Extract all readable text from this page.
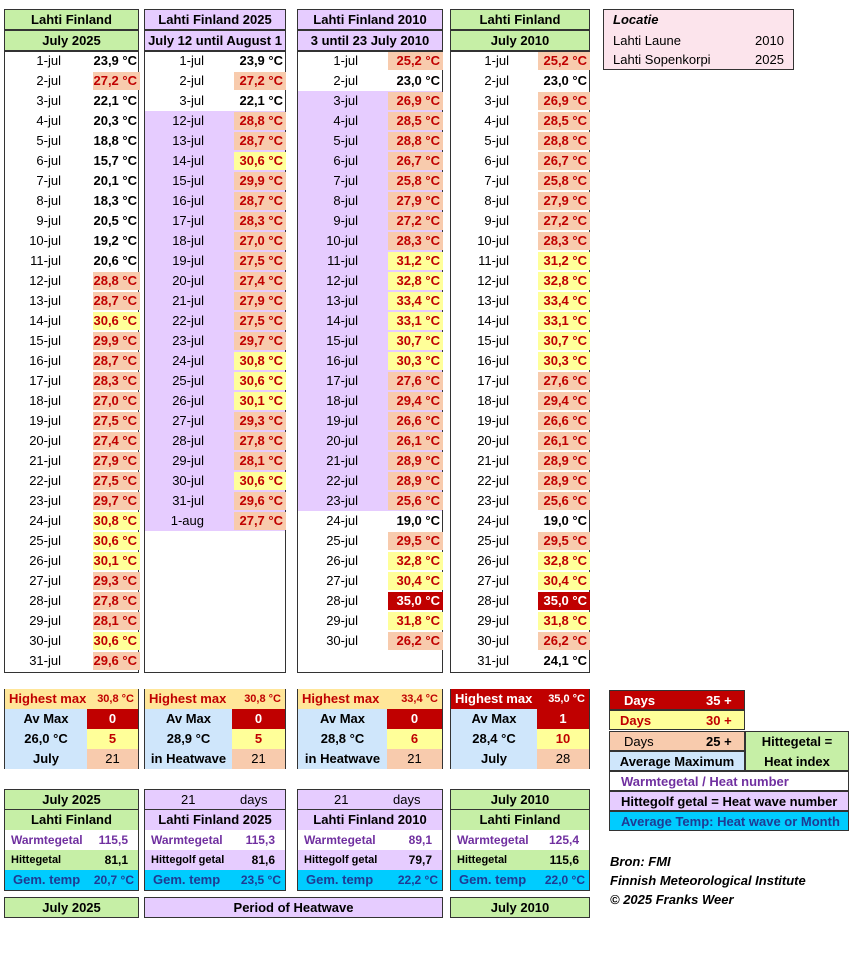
Lahti Finland
July 2025
Lahti Finland 2025
July 12 until August 1
Lahti Finland 2010
3 until 23 July 2010
Lahti Finland
July 2010
1-jul 23,9 °C
2-jul 27,2 °C
3-jul 22,1 °C
4-jul 20,3 °C
5-jul 18,8 °C
6-jul 15,7 °C
7-jul 20,1 °C
8-jul 18,3 °C
9-jul 20,5 °C
10-jul 19,2 °C
11-jul 20,6 °C
12-jul 28,8 °C
13-jul 28,7 °C
14-jul 30,6 °C
15-jul 29,9 °C
16-jul 28,7 °C
17-jul 28,3 °C
18-jul 27,0 °C
19-jul 27,5 °C
20-jul 27,4 °C
21-jul 27,9 °C
22-jul 27,5 °C
23-jul 29,7 °C
24-jul 30,8 °C
25-jul 30,6 °C
26-jul 30,1 °C
27-jul 29,3 °C
28-jul 27,8 °C
29-jul 28,1 °C
30-jul 30,6 °C
31-jul 29,6 °C
1-jul	23,9 °C
2-jul	27,2 °C
3-jul	22,1 °C
12-jul	28,8 °C
13-jul	28,7 °C
14-jul	30,6 °C
15-jul	29,9 °C
16-jul	28,7 °C
17-jul	28,3 °C
18-jul	27,0 °C
19-jul	27,5 °C
20-jul	27,4 °C
21-jul	27,9 °C
22-jul	27,5 °C
23-jul	29,7 °C
24-jul	30,8 °C
25-jul	30,6 °C
26-jul	30,1 °C
27-jul	29,3 °C
28-jul	27,8 °C
29-jul	28,1 °C
30-jul	30,6 °C
31-jul	29,6 °C
1-aug	27,7 °C
1-jul	25,2 °C
2-jul	23,0 °C
3-jul	26,9 °C
4-jul	28,5 °C
5-jul	28,8 °C
6-jul	26,7 °C
7-jul	25,8 °C
8-jul	27,9 °C
9-jul	27,2 °C
10-jul	28,3 °C
11-jul	31,2 °C
12-jul	32,8 °C
13-jul	33,4 °C
14-jul	33,1 °C
15-jul	30,7 °C
16-jul	30,3 °C
17-jul	27,6 °C
18-jul	29,4 °C
19-jul	26,6 °C
20-jul	26,1 °C
21-jul	28,9 °C
22-jul	28,9 °C
23-jul	25,6 °C
24-jul	19,0 °C
25-jul	29,5 °C
26-jul	32,8 °C
27-jul	30,4 °C
28-jul	35,0 °C
29-jul	31,8 °C
30-jul	26,2 °C
1-jul	25,2 °C
2-jul	23,0 °C
3-jul	26,9 °C
4-jul	28,5 °C
5-jul	28,8 °C
6-jul	26,7 °C
7-jul	25,8 °C
8-jul	27,9 °C
9-jul	27,2 °C
10-jul	28,3 °C
11-jul	31,2 °C
12-jul	32,8 °C
13-jul	33,4 °C
14-jul	33,1 °C
15-jul	30,7 °C
16-jul	30,3 °C
17-jul	27,6 °C
18-jul	29,4 °C
19-jul	26,6 °C
20-jul	26,1 °C
21-jul	28,9 °C
22-jul	28,9 °C
23-jul	25,6 °C
24-jul	19,0 °C
25-jul	29,5 °C
26-jul	32,8 °C
27-jul	30,4 °C
28-jul	35,0 °C
29-jul	31,8 °C
30-jul	26,2 °C
31-jul	24,1 °C
Highest max 30,8 °C
Av Max	0
26,0 °C	5
July	21
Highest max 30,8 °C
Av Max	0
28,9 °C	5
in Heatwave	21
Highest max 33,4 °C
Av Max	0
28,8 °C	6
in Heatwave	21
Highest max 35,0 °C
Av Max	1
28,4 °C	10
July	28
July 2025
Lahti Finland
Warmtegetal 115,5
Hittegetal	81,1
Gem. temp 20,7 °C
21	days
Lahti Finland 2025
Warmtegetal 115,3
Hittegolf getal 81,6
Gem. temp 23,5 °C
21	days
Lahti Finland 2010
Warmtegetal	89,1
Hittegolf getal	79,7
Gem. temp 22,2 °C
July 2010
Lahti Finland
Warmtegetal 125,4
Hittegetal	115,6
Gem. temp 22,0 °C
July 2025	Period of Heatwave	July 2010
Locatie
Lahti Laune	2010
Lahti Sopenkorpi	2025
Days	35 +
Days	30 +
Days	25 +
Average Maximum
Hittegetal =
Heat index
Warmtegetal / Heat number
Hittegolf getal = Heat wave number
Average Temp: Heat wave or Month
Bron: FMI
Finnish Meteorological Institute
© 2025 Franks Weer
